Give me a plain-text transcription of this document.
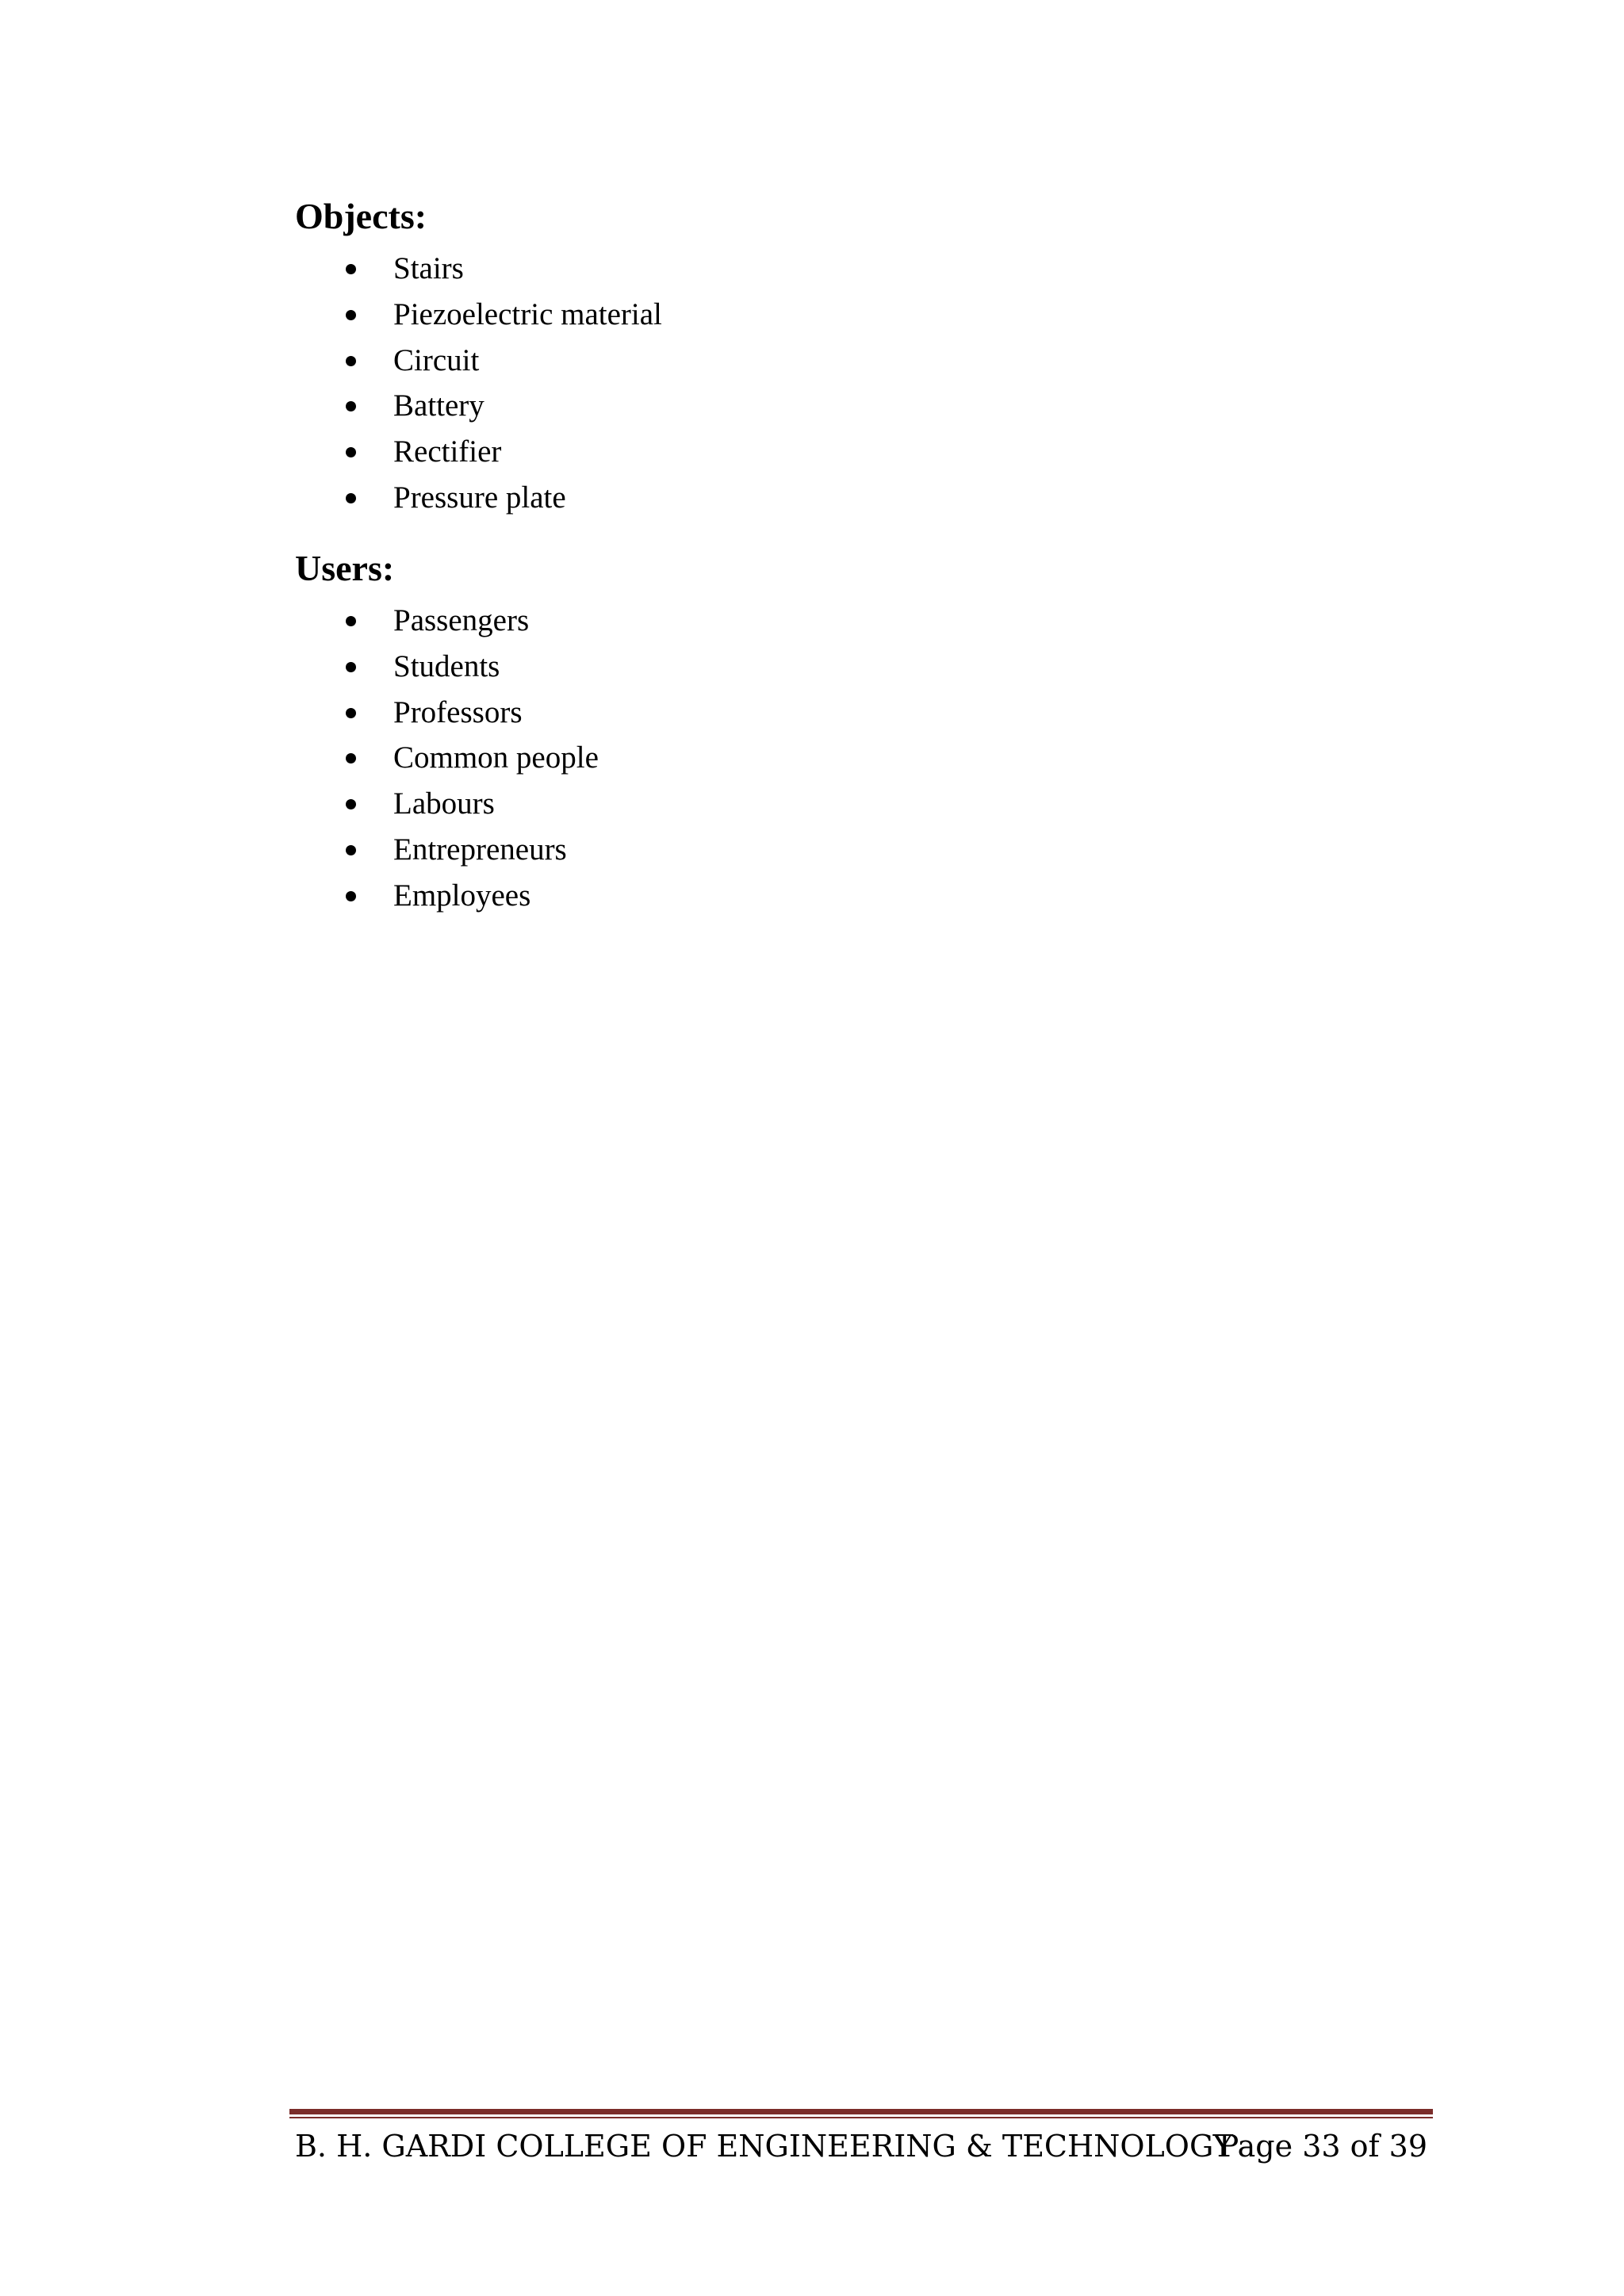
Objects:
Stairs
Piezoelectric material
Circuit
Battery
Rectifier
Pressure plate
Users:
Passengers
Students
Professors
Common people
Labours
Entrepreneurs
Employees
B. H. GARDI COLLEGE OF ENGINEERING & TECHNOLOGY
Page 33 of 39
